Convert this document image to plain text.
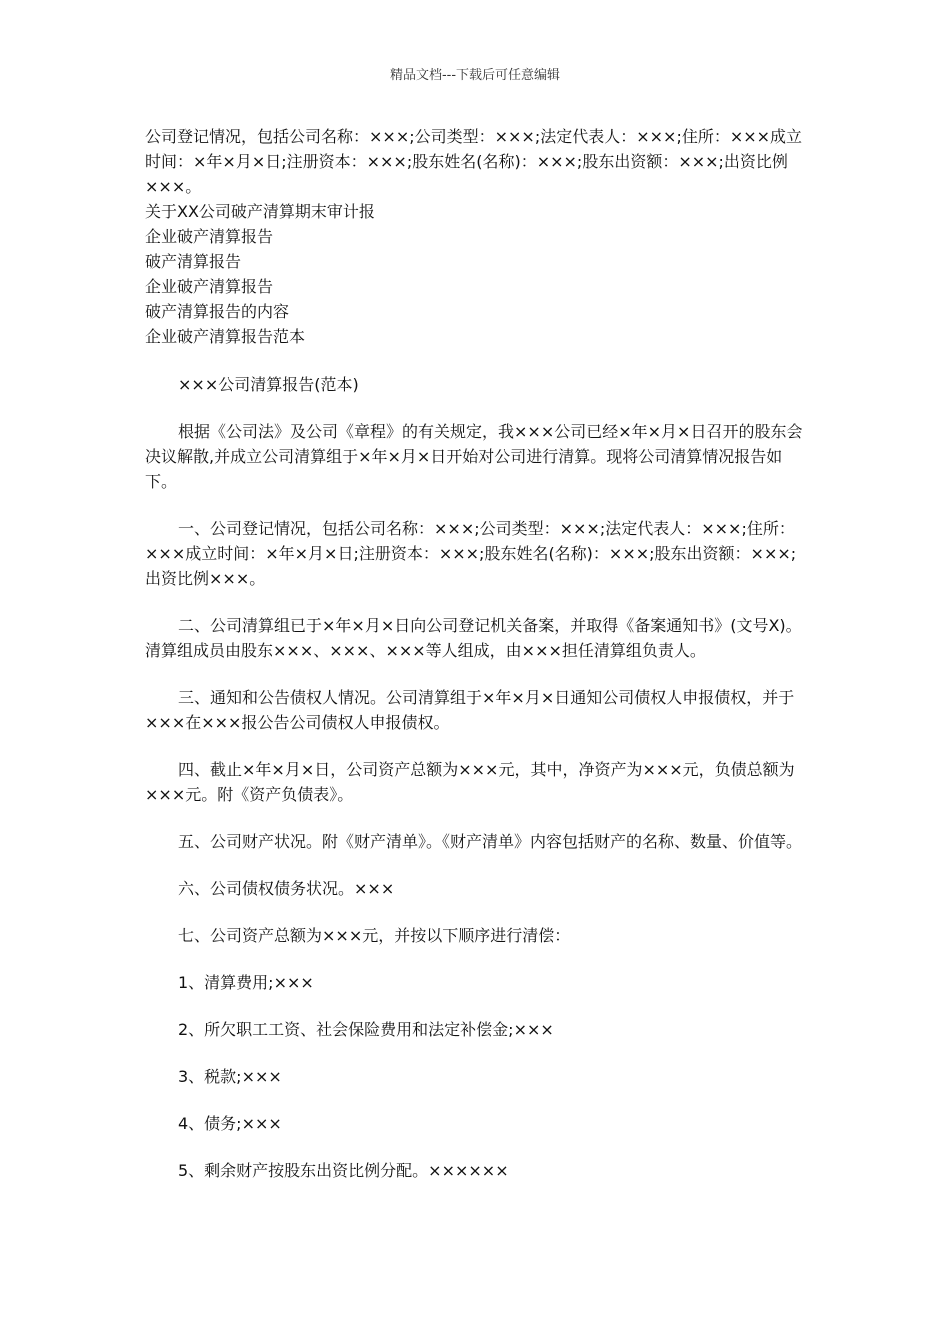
精品文档---下载后可任意编辑

公司登记情况，包括公司名称：×××;公司类型：×××;法定代表人：×××;住所：×××成立时间：×年×月×日;注册资本：×××;股东姓名(名称)：×××;股东出资额：×××;出资比例×××。

关于XX公司破产清算期末审计报
企业破产清算报告
破产清算报告
企业破产清算报告
破产清算报告的内容
企业破产清算报告范本

×××公司清算报告(范本)

根据《公司法》及公司《章程》的有关规定，我×××公司已经×年×月×日召开的股东会决议解散,并成立公司清算组于×年×月×日开始对公司进行清算。现将公司清算情况报告如下。

一、公司登记情况，包括公司名称：×××;公司类型：×××;法定代表人：×××;住所：×××成立时间：×年×月×日;注册资本：×××;股东姓名(名称)：×××;股东出资额：×××;出资比例×××。

二、公司清算组已于×年×月×日向公司登记机关备案，并取得《备案通知书》(文号X)。清算组成员由股东×××、×××、×××等人组成，由×××担任清算组负责人。

三、通知和公告债权人情况。公司清算组于×年×月×日通知公司债权人申报债权，并于×××在×××报公告公司债权人申报债权。

四、截止×年×月×日，公司资产总额为×××元，其中，净资产为×××元，负债总额为×××元。附《资产负债表》。

五、公司财产状况。附《财产清单》。《财产清单》内容包括财产的名称、数量、价值等。

六、公司债权债务状况。×××

七、公司资产总额为×××元，并按以下顺序进行清偿：

1、清算费用;×××

2、所欠职工工资、社会保险费用和法定补偿金;×××

3、税款;×××

4、债务;×××

5、剩余财产按股东出资比例分配。××××××
